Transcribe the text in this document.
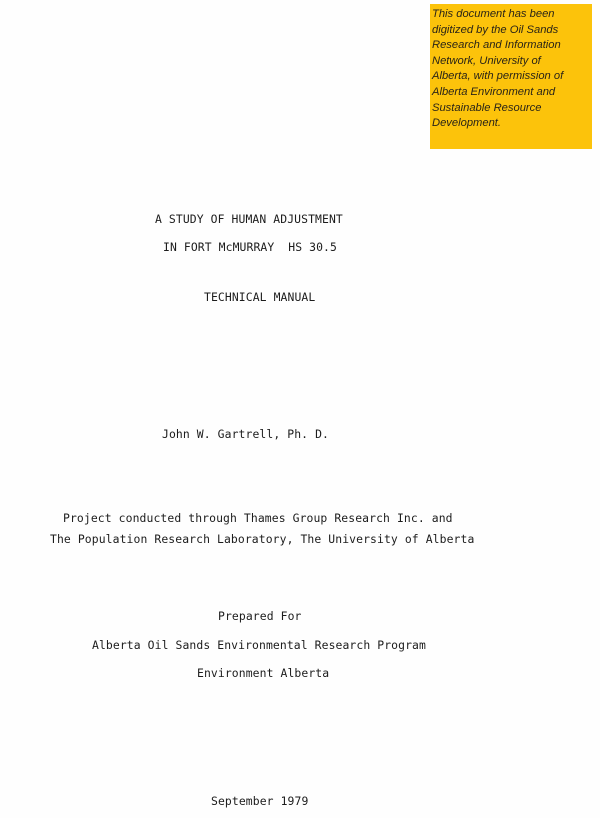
This document has been
digitized by the Oil Sands
Research and Information
Network, University of
Alberta, with permission of
Alberta Environment and
Sustainable Resource
Development.
A STUDY OF HUMAN ADJUSTMENT
IN FORT McMURRAY  HS 30.5
TECHNICAL MANUAL
John W. Gartrell, Ph. D.
Project conducted through Thames Group Research Inc. and
The Population Research Laboratory, The University of Alberta
Prepared For
Alberta Oil Sands Environmental Research Program
Environment Alberta
September 1979
